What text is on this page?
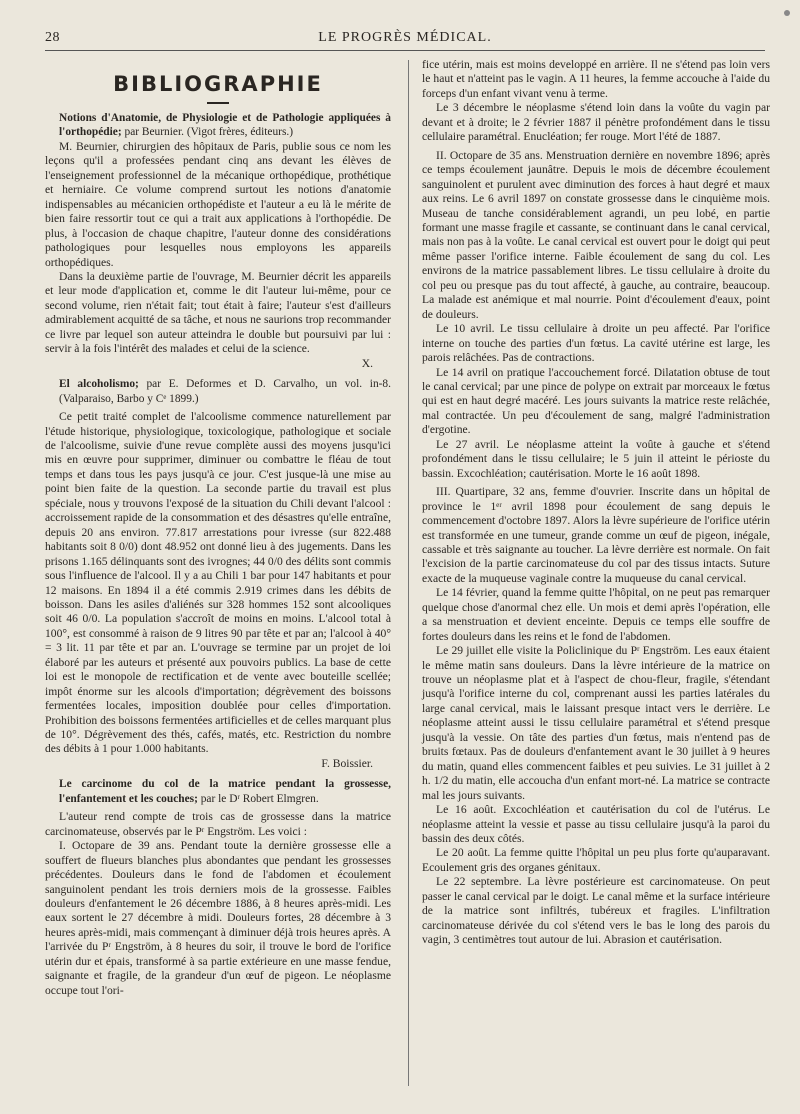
28	LE PROGRÈS MÉDICAL.
BIBLIOGRAPHIE

Notions d'Anatomie, de Physiologie et de Pathologie appliquées à l'orthopédie; par Beurnier. (Vigot frères, éditeurs.)

M. Beurnier, chirurgien des hôpitaux de Paris, publie sous ce nom les leçons qu'il a professées pendant cinq ans devant les élèves de l'enseignement professionnel de la mécanique orthopédique, prothétique et herniaire. Ce volume comprend surtout les notions d'anatomie indispensables au mécanicien orthopédiste et l'auteur a eu là le mérite de bien faire ressortir tout ce qui a trait aux applications à l'orthopédie. De plus, à l'occasion de chaque chapitre, l'auteur donne des considérations pathologiques pour lesquelles nous employons les appareils orthopédiques.

Dans la deuxième partie de l'ouvrage, M. Beurnier décrit les appareils et leur mode d'application et, comme le dit l'auteur lui-même, pour ce second volume, rien n'était fait; tout était à faire; l'auteur s'est d'ailleurs admirablement acquitté de sa tâche, et nous ne saurions trop recommander ce livre par lequel son auteur atteindra le double but poursuivi par lui : servir à la fois l'intérêt des malades et celui de la science.

X.

El alcoholismo; par E. Deformes et D. Carvalho, un vol. in-8. (Valparaiso, Barbo y Cᵉ 1899.)

Ce petit traité complet de l'alcoolisme commence naturellement par l'étude historique, physiologique, toxicologique, pathologique et sociale de l'alcoolisme, suivie d'une revue complète aussi des moyens jusqu'ici mis en œuvre pour supprimer, diminuer ou combattre le fléau de tout temps et dans tous les pays jusqu'à ce jour. C'est jusque-là une mise au point bien faite de la question. La seconde partie du travail est plus spéciale, nous y trouvons l'exposé de la situation du Chili devant l'alcool : accroissement rapide de la consommation et des désastres qu'elle entraîne, depuis 20 ans environ. 77.817 arrestations pour ivresse (sur 822.488 habitants soit 8 0/0) dont 48.952 ont donné lieu à des jugements. Dans les prisons 1.165 délinquants sont des ivrognes; 44 0/0 des délits sont commis sous l'influence de l'alcool. Il y a au Chili 1 bar pour 147 habitants et pour 12 maisons. En 1894 il a été commis 2.919 crimes dans les débits de boisson. Dans les asiles d'aliénés sur 328 hommes 152 sont alcooliques soit 46 0/0. La population s'accroît de moins en moins. L'alcool total à 100°, est consommé à raison de 9 litres 90 par tête et par an; l'alcool à 40° = 3 lit. 11 par tête et par an. L'ouvrage se termine par un projet de loi élaboré par les auteurs et présenté aux pouvoirs publics. La base de cette loi est le monopole de rectification et de vente avec bouteille scellée; impôt énorme sur les alcools d'importation; dégrèvement des boissons fermentées locales, imposition doublée pour celles d'importation. Prohibition des boissons fermentées artificielles et de celles marquant plus de 10°. Dégrèvement des thés, cafés, matés, etc. Restriction du nombre des débits à 1 pour 1.000 habitants.

F. Boissier.

Le carcinome du col de la matrice pendant la grossesse, l'enfantement et les couches; par le Dʳ Robert Elmgren.

L'auteur rend compte de trois cas de grossesse dans la matrice carcinomateuse, observés par le Pʳ Engström. Les voici :

I. Octopare de 39 ans. Pendant toute la dernière grossesse elle a souffert de flueurs blanches plus abondantes que pendant les grossesses précédentes. Douleurs dans le fond de l'abdomen et écoulement sanguinolent pendant les trois derniers mois de la grossesse. Faibles douleurs d'enfantement le 26 décembre 1886, à 8 heures après-midi. Les eaux sortent le 27 décembre à midi. Douleurs fortes, 28 décembre à 3 heures après-midi, mais commençant à diminuer déjà trois heures après. A l'arrivée du Pʳ Engström, à 8 heures du soir, il trouve le bord de l'orifice utérin dur et épais, transformé à sa partie extérieure en une masse fendue, saignante et fragile, de la grandeur d'un œuf de pigeon. Le néoplasme occupe tout l'ori-

fice utérin, mais est moins developpé en arrière. Il ne s'étend pas loin vers le haut et n'atteint pas le vagin. A 11 heures, la femme accouche à l'aide du forceps d'un enfant vivant venu à terme.

Le 3 décembre le néoplasme s'étend loin dans la voûte du vagin par devant et à droite; le 2 février 1887 il pénètre profondément dans le tissu cellulaire paramétral. Enucléation; fer rouge. Mort l'été de 1887.

II. Octopare de 35 ans. Menstruation dernière en novembre 1896; après ce temps écoulement jaunâtre. Depuis le mois de décembre écoulement sanguinolent et purulent avec diminution des forces à haut degré et maux aux reins. Le 6 avril 1897 on constate grossesse dans le cinquième mois. Museau de tanche considérablement agrandi, un peu lobé, en partie formant une masse fragile et cassante, se continuant dans le canal cervical, mais non pas à la voûte. Le canal cervical est ouvert pour le doigt qui peut même passer l'orifice interne. Faible écoulement de sang du col. Les environs de la matrice passablement libres. Le tissu cellulaire à droite du col peu ou presque pas du tout affecté, à gauche, au contraire, beaucoup. La malade est anémique et mal nourrie. Point d'écoulement d'eaux, point de douleurs.

Le 10 avril. Le tissu cellulaire à droite un peu affecté. Par l'orifice interne on touche des parties d'un fœtus. La cavité utérine est large, les parois relâchées. Pas de contractions.

Le 14 avril on pratique l'accouchement forcé. Dilatation obtuse de tout le canal cervical; par une pince de polype on extrait par morceaux le fœtus qui est en haut degré macéré. Les jours suivants la matrice reste relâchée, mal contractée. Un peu d'écoulement de sang, malgré l'administration d'ergotine.

Le 27 avril. Le néoplasme atteint la voûte à gauche et s'étend profondément dans le tissu cellulaire; le 5 juin il atteint le périoste du bassin. Excochléation; cautérisation. Morte le 16 août 1898.

III. Quartipare, 32 ans, femme d'ouvrier. Inscrite dans un hôpital de province le 1ᵉʳ avril 1898 pour écoulement de sang depuis le commencement d'octobre 1897. Alors la lèvre supérieure de l'orifice utérin est transformée en une tumeur, grande comme un œuf de pigeon, inégale, cassable et très saignante au toucher. La lèvre derrière est normale. On fait l'excision de la partie carcinomateuse du col par des tissus intacts. Suture exacte de la muqueuse vaginale contre la muqueuse du canal cervical.

Le 14 février, quand la femme quitte l'hôpital, on ne peut pas remarquer quelque chose d'anormal chez elle. Un mois et demi après l'opération, elle a sa menstruation et devient enceinte. Depuis ce temps elle souffre de fortes douleurs dans les reins et le fond de l'abdomen.

Le 29 juillet elle visite la Policlinique du Pʳ Engström. Les eaux étaient le même matin sans douleurs. Dans la lèvre intérieure de la matrice on trouve un néoplasme plat et à l'aspect de chou-fleur, fragile, s'étendant jusqu'à l'orifice interne du col, comprenant aussi les parties latérales du large canal cervical, mais le laissant presque intact vers le derrière. Le néoplasme atteint aussi le tissu cellulaire paramétral et s'étend presque jusqu'à la vessie. On tâte des parties d'un fœtus, mais n'entend pas de bruits fœtaux. Pas de douleurs d'enfantement avant le 30 juillet à 9 heures du matin, quand elles commencent faibles et peu suivies. Le 31 juillet à 2 h. 1/2 du matin, elle accoucha d'un enfant mort-né. La matrice se contracte mal les jours suivants.

Le 16 août. Excochléation et cautérisation du col de l'utérus. Le néoplasme atteint la vessie et passe au tissu cellulaire jusqu'à la paroi du bassin des deux côtés.

Le 20 août. La femme quitte l'hôpital un peu plus forte qu'auparavant. Ecoulement gris des organes génitaux.

Le 22 septembre. La lèvre postérieure est carcinomateuse. On peut passer le canal cervical par le doigt. Le canal même et la surface intérieure de la matrice sont infiltrés, tubéreux et fragiles. L'infiltration carcinomateuse dérivée du col s'étend vers le bas le long des parois du vagin, 3 centimètres tout autour de lui. Abrasion et cautérisation.
